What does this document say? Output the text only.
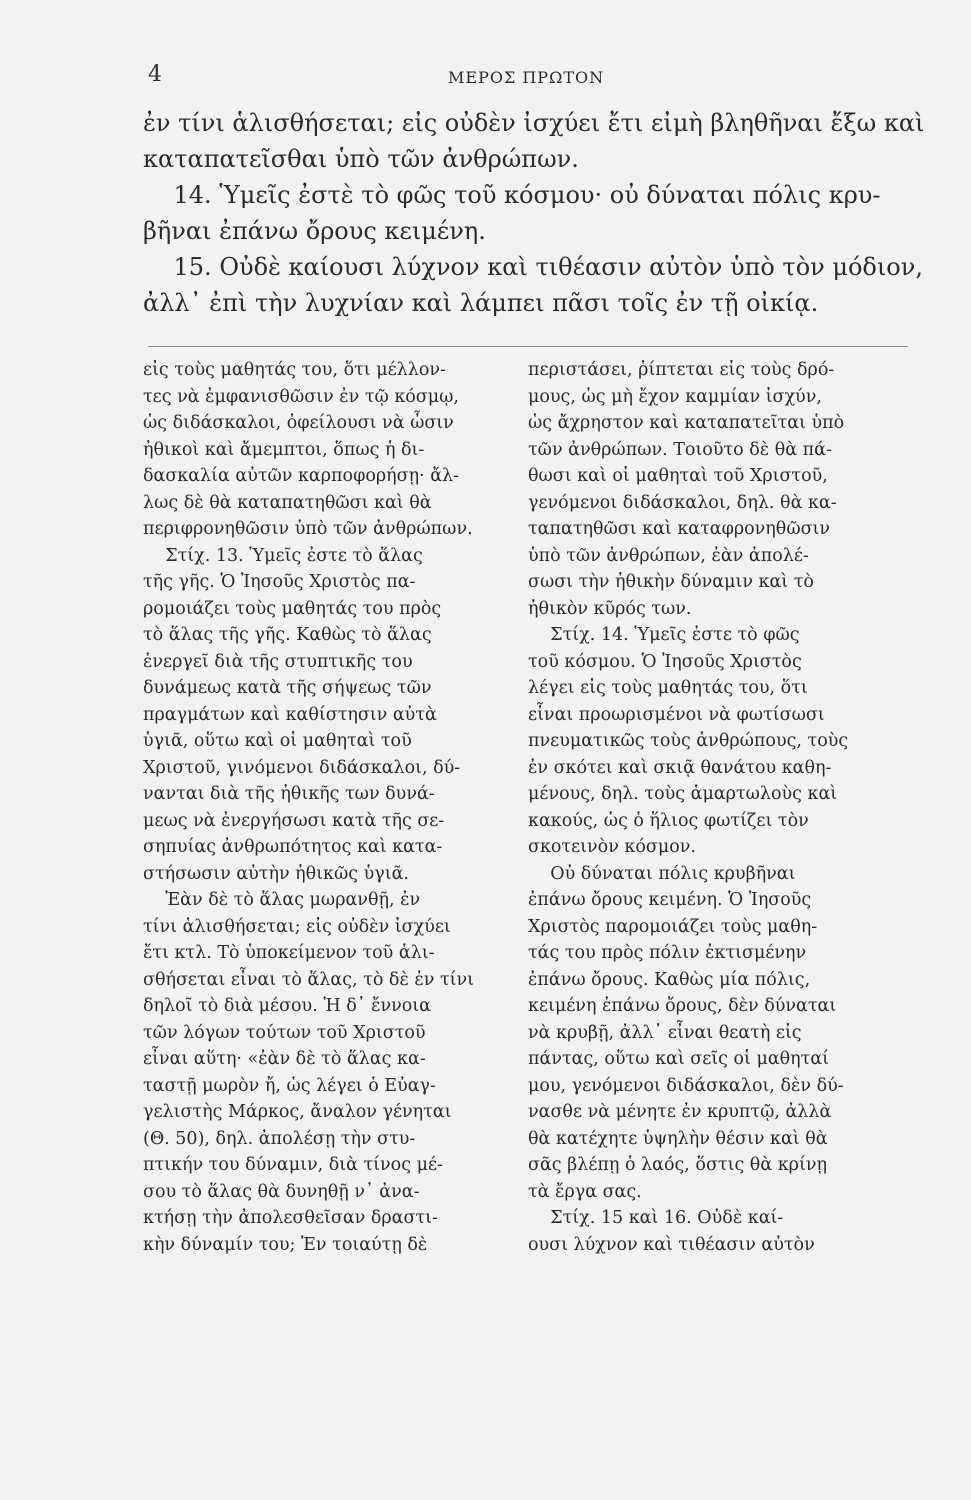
4	ΜΕΡΟΣ ΠΡΩΤΟΝ
ἐν τίνι ἁλισθήσεται; εἰς οὐδὲν ἰσχύει ἔτι εἰμὴ βληθῆναι ἔξω καὶ
καταπατεῖσθαι ὑπὸ τῶν ἀνθρώπων.
14. Ὑμεῖς ἐστὲ τὸ φῶς τοῦ κόσμου· οὐ δύναται πόλις κρυ-
βῆναι ἐπάνω ὄρους κειμένη.
15. Οὐδὲ καίουσι λύχνον καὶ τιθέασιν αὐτὸν ὑπὸ τὸν μόδιον,
ἀλλ᾽ ἐπὶ τὴν λυχνίαν καὶ λάμπει πᾶσι τοῖς ἐν τῇ οἰκίᾳ.
εἰς τοὺς μαθητάς του, ὅτι μέλλον-
τες νὰ ἐμφανισθῶσιν ἐν τῷ κόσμῳ,
ὡς διδάσκαλοι, ὀφείλουσι νὰ ὦσιν
ἠθικοὶ καὶ ἄμεμπτοι, ὅπως ἡ δι-
δασκαλία αὐτῶν καρποφορήσῃ· ἄλ-
λως δὲ θὰ καταπατηθῶσι καὶ θὰ
περιφρονηθῶσιν ὑπὸ τῶν ἀνθρώπων.
Στίχ. 13. Ὑμεῖς ἐστε τὸ ἅλας
τῆς γῆς. Ὁ Ἰησοῦς Χριστὸς πα-
ρομοιάζει τοὺς μαθητάς του πρὸς
τὸ ἅλας τῆς γῆς. Καθὼς τὸ ἅλας
ἐνεργεῖ διὰ τῆς στυπτικῆς του
δυνάμεως κατὰ τῆς σήψεως τῶν
πραγμάτων καὶ καθίστησιν αὐτὰ
ὑγιᾶ, οὕτω καὶ οἱ μαθηταὶ τοῦ
Χριστοῦ, γινόμενοι διδάσκαλοι, δύ-
νανται διὰ τῆς ἠθικῆς των δυνά-
μεως νὰ ἐνεργήσωσι κατὰ τῆς σε-
σηπυίας ἀνθρωπότητος καὶ κατα-
στήσωσιν αὐτὴν ἠθικῶς ὑγιᾶ.
Ἐὰν δὲ τὸ ἅλας μωρανθῇ, ἐν
τίνι ἁλισθήσεται; εἰς οὐδὲν ἰσχύει
ἔτι κτλ. Τὸ ὑποκείμενον τοῦ ἁλι-
σθήσεται εἶναι τὸ ἅλας, τὸ δὲ ἐν τίνι
δηλοῖ τὸ διὰ μέσου. Ἡ δ᾽ ἔννοια
τῶν λόγων τούτων τοῦ Χριστοῦ
εἶναι αὕτη· «ἐὰν δὲ τὸ ἅλας κα-
ταστῇ μωρὸν ἤ, ὡς λέγει ὁ Εὐαγ-
γελιστὴς Μάρκος, ἄναλον γένηται
(Θ. 50), δηλ. ἀπολέσῃ τὴν στυ-
πτικήν του δύναμιν, διὰ τίνος μέ-
σου τὸ ἅλας θὰ δυνηθῇ ν᾽ ἀνα-
κτήσῃ τὴν ἀπολεσθεῖσαν δραστι-
κὴν δύναμίν του; Ἐν τοιαύτῃ δὲ
περιστάσει, ῥίπτεται εἰς τοὺς δρό-
μους, ὡς μὴ ἔχον καμμίαν ἰσχύν,
ὡς ἄχρηστον καὶ καταπατεῖται ὑπὸ
τῶν ἀνθρώπων. Τοιοῦτο δὲ θὰ πά-
θωσι καὶ οἱ μαθηταὶ τοῦ Χριστοῦ,
γενόμενοι διδάσκαλοι, δηλ. θὰ κα-
ταπατηθῶσι καὶ καταφρονηθῶσιν
ὑπὸ τῶν ἀνθρώπων, ἐὰν ἀπολέ-
σωσι τὴν ἠθικὴν δύναμιν καὶ τὸ
ἠθικὸν κῦρός των.
Στίχ. 14. Ὑμεῖς ἐστε τὸ φῶς
τοῦ κόσμου. Ὁ Ἰησοῦς Χριστὸς
λέγει εἰς τοὺς μαθητάς του, ὅτι
εἶναι προωρισμένοι νὰ φωτίσωσι
πνευματικῶς τοὺς ἀνθρώπους, τοὺς
ἐν σκότει καὶ σκιᾷ θανάτου καθη-
μένους, δηλ. τοὺς ἁμαρτωλοὺς καὶ
κακούς, ὡς ὁ ἥλιος φωτίζει τὸν
σκοτεινὸν κόσμον.
Οὐ δύναται πόλις κρυβῆναι
ἐπάνω ὄρους κειμένη. Ὁ Ἰησοῦς
Χριστὸς παρομοιάζει τοὺς μαθη-
τάς του πρὸς πόλιν ἐκτισμένην
ἐπάνω ὄρους. Καθὼς μία πόλις,
κειμένη ἐπάνω ὄρους, δὲν δύναται
νὰ κρυβῇ, ἀλλ᾽ εἶναι θεατὴ εἰς
πάντας, οὕτω καὶ σεῖς οἱ μαθηταί
μου, γενόμενοι διδάσκαλοι, δὲν δύ-
νασθε νὰ μένητε ἐν κρυπτῷ, ἀλλὰ
θὰ κατέχητε ὑψηλὴν θέσιν καὶ θὰ
σᾶς βλέπῃ ὁ λαός, ὅστις θὰ κρίνῃ
τὰ ἔργα σας.
Στίχ. 15 καὶ 16. Οὐδὲ καί-
ουσι λύχνον καὶ τιθέασιν αὐτὸν
